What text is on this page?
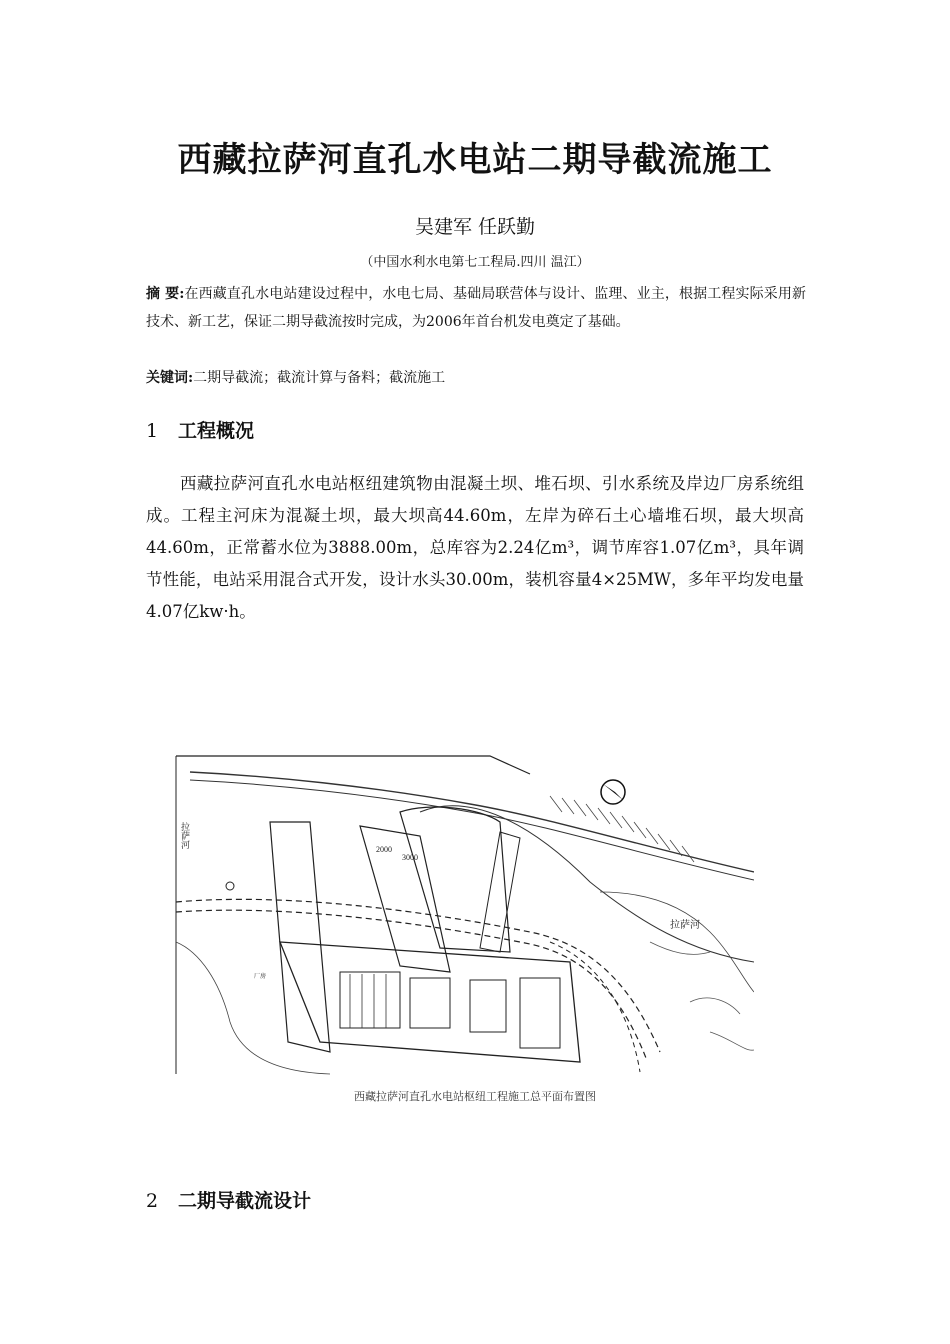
西藏拉萨河直孔水电站二期导截流施工
吴建军 任跃勤
（中国水利水电第七工程局.四川 温江）
摘 要:在西藏直孔水电站建设过程中，水电七局、基础局联营体与设计、监理、业主，根据工程实际采用新技术、新工艺，保证二期导截流按时完成，为2006年首台机发电奠定了基础。
关键词:二期导截流；截流计算与备料；截流施工
1 工程概况

西藏拉萨河直孔水电站枢纽建筑物由混凝土坝、堆石坝、引水系统及岸边厂房系统组成。工程主河床为混凝土坝，最大坝高44.60m，左岸为碎石土心墙堆石坝，最大坝高44.60m，正常蓄水位为3888.00m，总库容为2.24亿m³，调节库容1.07亿m³，具年调节性能，电站采用混合式开发，设计水头30.00m，装机容量4×25MW，多年平均发电量4.07亿kw·h。

2000
3000
拉萨河
拉萨河
厂房
西藏拉萨河直孔水电站枢纽工程施工总平面布置图
2 二期导截流设计
